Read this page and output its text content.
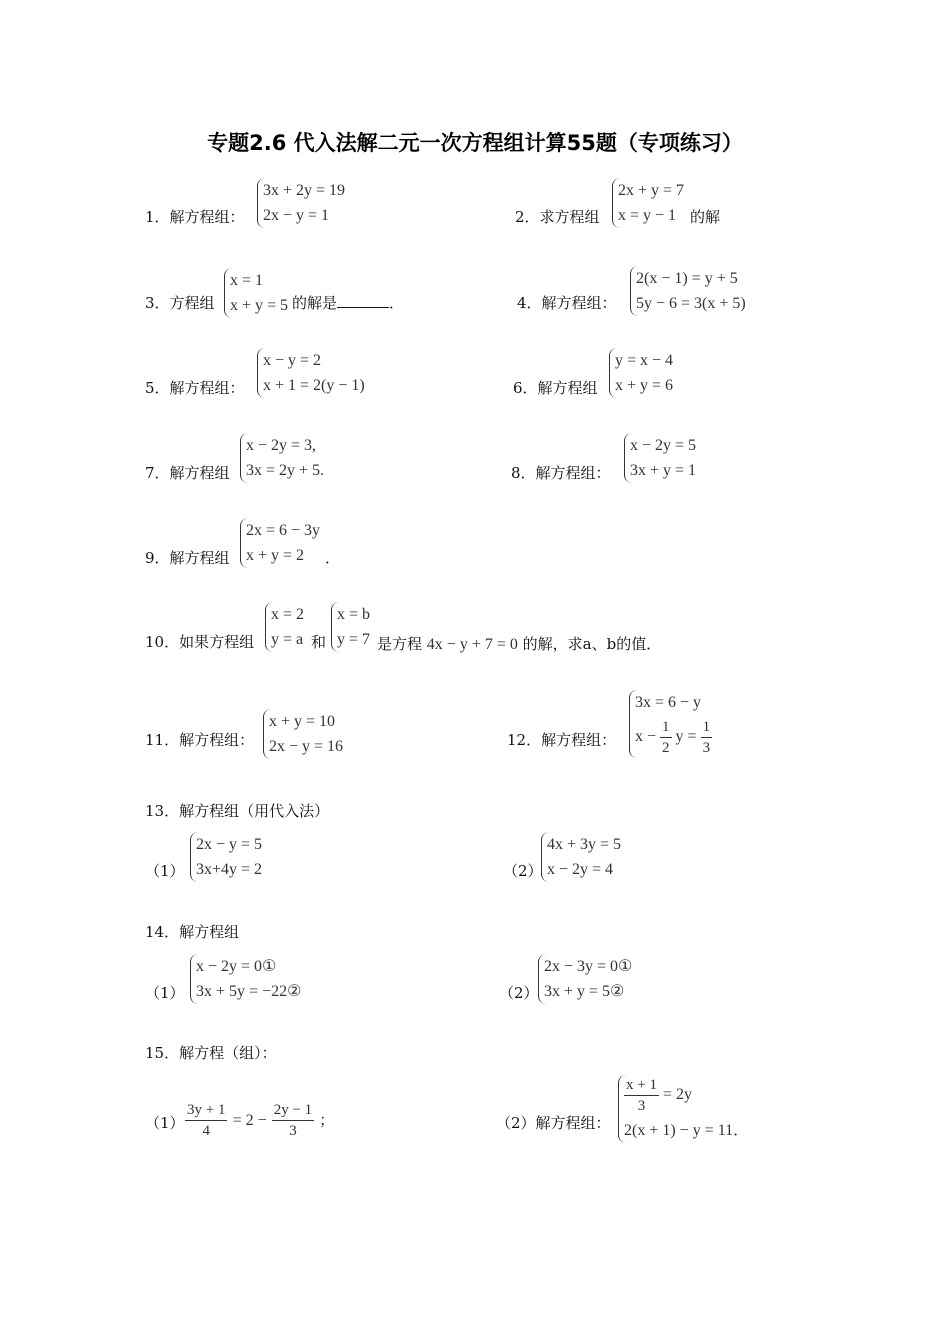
专题2.6 代入法解二元一次方程组计算55题（专项练习）
1．解方程组：
3x + 2y = 19
2x − y = 1	2．求方程组
2x + y = 7
x = y − 1 的解
3．方程组
x = 1
x + y = 5 的解是	．	4．解方程组：
2(x − 1) = y + 5
5y − 6 = 3(x + 5)
5．解方程组：
x − y = 2
x + 1 = 2(y − 1)	6．解方程组
y = x − 4
x + y = 6
7．解方程组
x − 2y = 3,
3x = 2y + 5.	8．解方程组：
x − 2y = 5
3x + y = 1
9．解方程组
2x = 6 − 3y
x + y = 2	．
10．如果方程组
x = 2
y = a 和
x = b
y = 7 是方程 4x − y + 7 = 0 的解，求a、b的值．
11．解方程组：
x + y = 10
2x − y = 16	12．解方程组：
3x = 6 − y
$x - \frac{1}{2}$ $y = \frac{1}{3}$
13．解方程组（用代入法）
（1）
2x − y = 5
3x+4y = 2	（2）
4x + 3y = 5
x − 2y = 4
14．解方程组
（1）
x − 2y = 0①
3x + 5y = −22②	（2）
2x − 3y = 0①
3x + y = 5②
15．解方程（组）：
$(1) \frac{3y + 1}{4} = 2 - \frac{2y - 1}{3}$ ；	（2）解方程组：
$\frac{x + 1}{3} = 2y$
2(x + 1) − y = 11．
